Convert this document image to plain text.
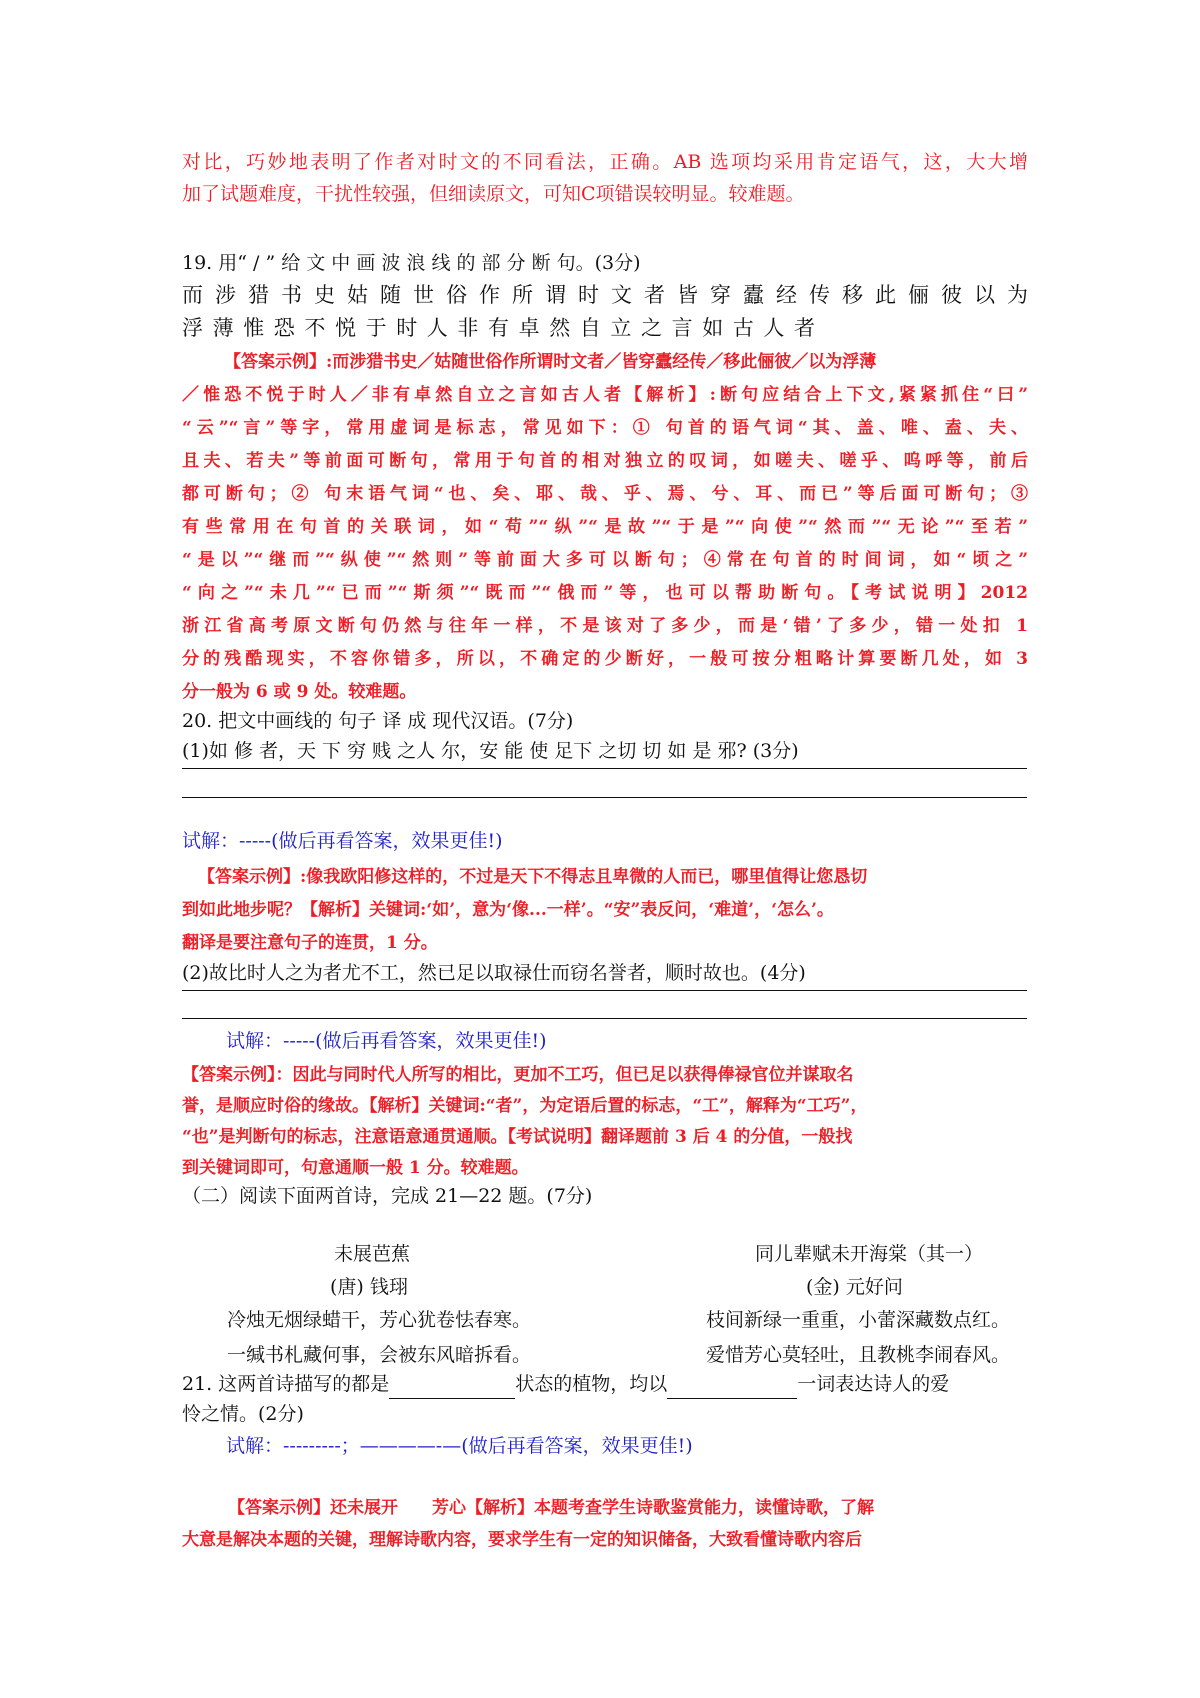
对比，巧妙地表明了作者对时文的不同看法，正确。AB 选项均采用肯定语气，这，大大增
加了试题难度，干扰性较强，但细读原文，可知C项错误较明显。较难题。
19. 用“ / ” 给 文 中 画 波 浪 线 的 部 分 断 句。(3分)
而涉猎书史姑随世俗作所谓时文者皆穿蠹经传移此俪彼以为
浮薄惟恐不悦于时人非有卓然自立之言如古人者
【答案示例】:而涉猎书史／姑随世俗作所谓时文者／皆穿蠹经传／移此俪彼／以为浮薄
／惟恐不悦于时人／非有卓然自立之言如古人者【解析】:断句应结合上下文,紧紧抓住“曰”
“云”“言”等字，常用虚词是标志，常见如下：① 句首的语气词“其、盖、唯、盍、夫、
且夫、若夫”等前面可断句，常用于句首的相对独立的叹词，如嗟夫、嗟乎、呜呼等，前后
都可断句；② 句末语气词“也、矣、耶、哉、乎、焉、兮、耳、而已”等后面可断句；③
有些常用在句首的关联词，如“苟”“纵”“是故”“于是”“向使”“然而”“无论”“至若”
“是以”“继而”“纵使”“然则”等前面大多可以断句；④常在句首的时间词，如“顷之”
“向之”“未几”“已而”“斯须”“既而”“俄而”等，也可以帮助断句。【考试说明】2012
浙江省高考原文断句仍然与往年一样，不是该对了多少，而是‘错’了多少，错一处扣 1
分的残酷现实，不容你错多，所以，不确定的少断好，一般可按分粗略计算要断几处，如 3
分一般为 6 或 9 处。较难题。
20. 把文中画线的 句子 译 成 现代汉语。(7分)
(1)如 修 者，天 下 穷 贱 之人 尔，安 能 使 足下 之切 切 如 是 邪? (3分)
试解：-----(做后再看答案，效果更佳!)
【答案示例】:像我欧阳修这样的，不过是天下不得志且卑微的人而已，哪里值得让您恳切
到如此地步呢？【解析】关键词:‘如’，意为‘像...一样’。“安”表反问，‘难道’，‘怎么’。
翻译是要注意句子的连贯，1 分。
(2)故比时人之为者尤不工，然已足以取禄仕而窃名誉者，顺时故也。(4分)
试解：-----(做后再看答案，效果更佳!)
【答案示例】：因此与同时代人所写的相比，更加不工巧，但已足以获得俸禄官位并谋取名
誉，是顺应时俗的缘故。【解析】关键词:“者”，为定语后置的标志，“工”，解释为“工巧”，
“也”是判断句的标志，注意语意通贯通顺。【考试说明】翻译题前 3 后 4 的分值，一般找
到关键词即可，句意通顺一般 1 分。较难题。
（二）阅读下面两首诗，完成 21—22 题。(7分)
未展芭蕉
(唐) 钱珝
冷烛无烟绿蜡干，芳心犹卷怯春寒。
一缄书札藏何事，会被东风暗拆看。
同儿辈赋未开海棠（其一）
(金) 元好问
枝间新绿一重重，小蕾深藏数点红。
爱惜芳心莫轻吐，且教桃李闹春风。
21. 这两首诗描写的都是	状态的植物，均以	一词表达诗人的爱
怜之情。(2分)
试解：---------；————-—(做后再看答案，效果更佳!)
【答案示例】还未展开　　芳心【解析】本题考查学生诗歌鉴赏能力，读懂诗歌，了解
大意是解决本题的关键，理解诗歌内容，要求学生有一定的知识储备，大致看懂诗歌内容后
